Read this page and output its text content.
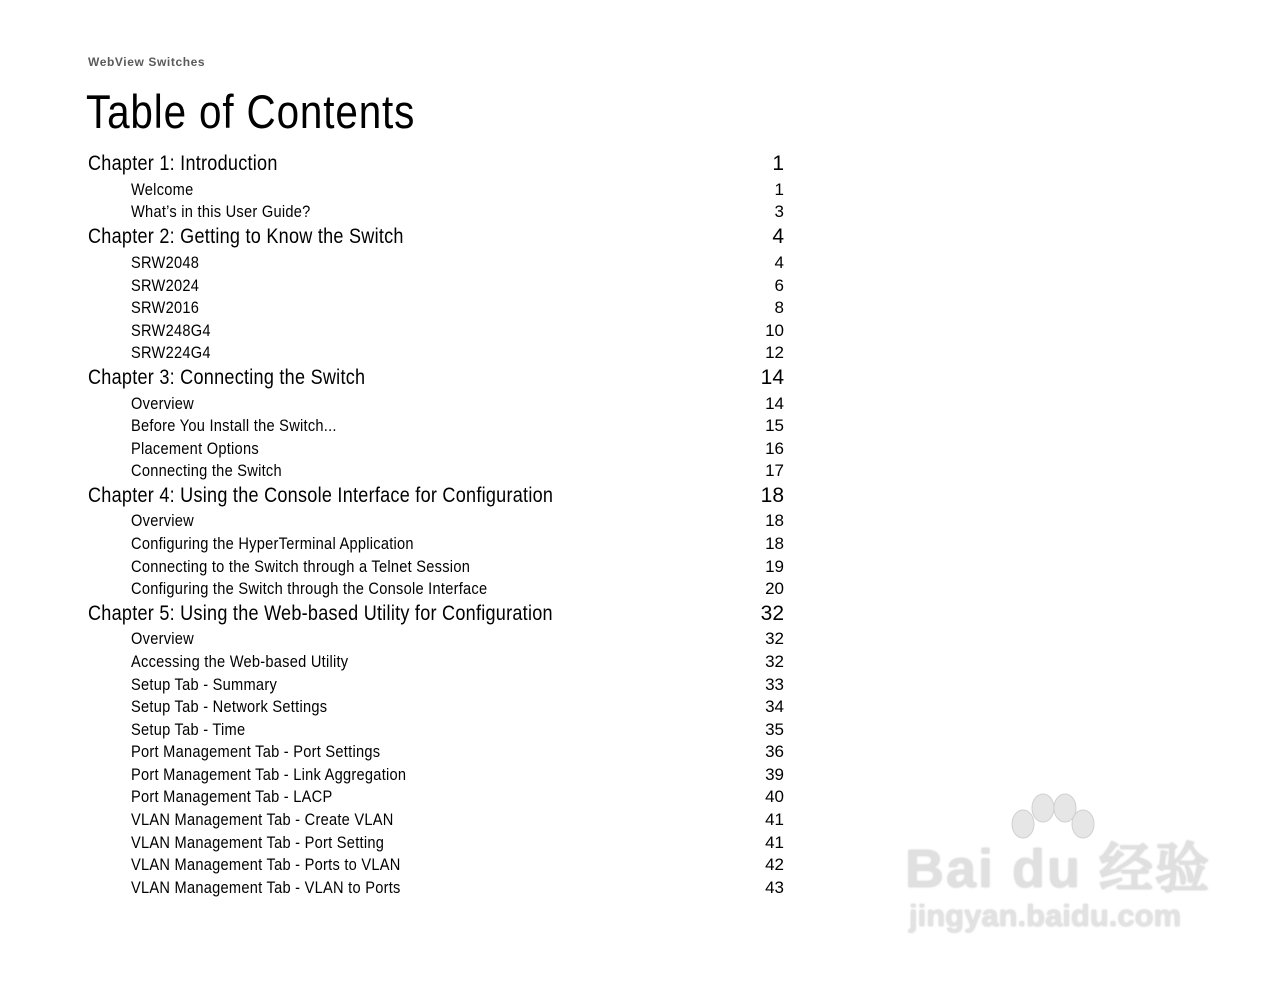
WebView Switches
Table of Contents
Chapter 1: Introduction	1
Welcome	1
What’s in this User Guide?	3
Chapter 2: Getting to Know the Switch	4
SRW2048	4
SRW2024	6
SRW2016	8
SRW248G4	10
SRW224G4	12
Chapter 3: Connecting the Switch	14
Overview	14
Before You Install the Switch...	15
Placement Options	16
Connecting the Switch	17
Chapter 4: Using the Console Interface for Configuration	18
Overview	18
Configuring the HyperTerminal Application	18
Connecting to the Switch through a Telnet Session	19
Configuring the Switch through the Console Interface	20
Chapter 5: Using the Web-based Utility for Configuration	32
Overview	32
Accessing the Web-based Utility	32
Setup Tab - Summary	33
Setup Tab - Network Settings	34
Setup Tab - Time	35
Port Management Tab - Port Settings	36
Port Management Tab - Link Aggregation	39
Port Management Tab - LACP	40
VLAN Management Tab - Create VLAN	41
VLAN Management Tab - Port Setting	41
VLAN Management Tab - Ports to VLAN	42
VLAN Management Tab - VLAN to Ports	43 Bai du 经验
jingyan.baidu.com
